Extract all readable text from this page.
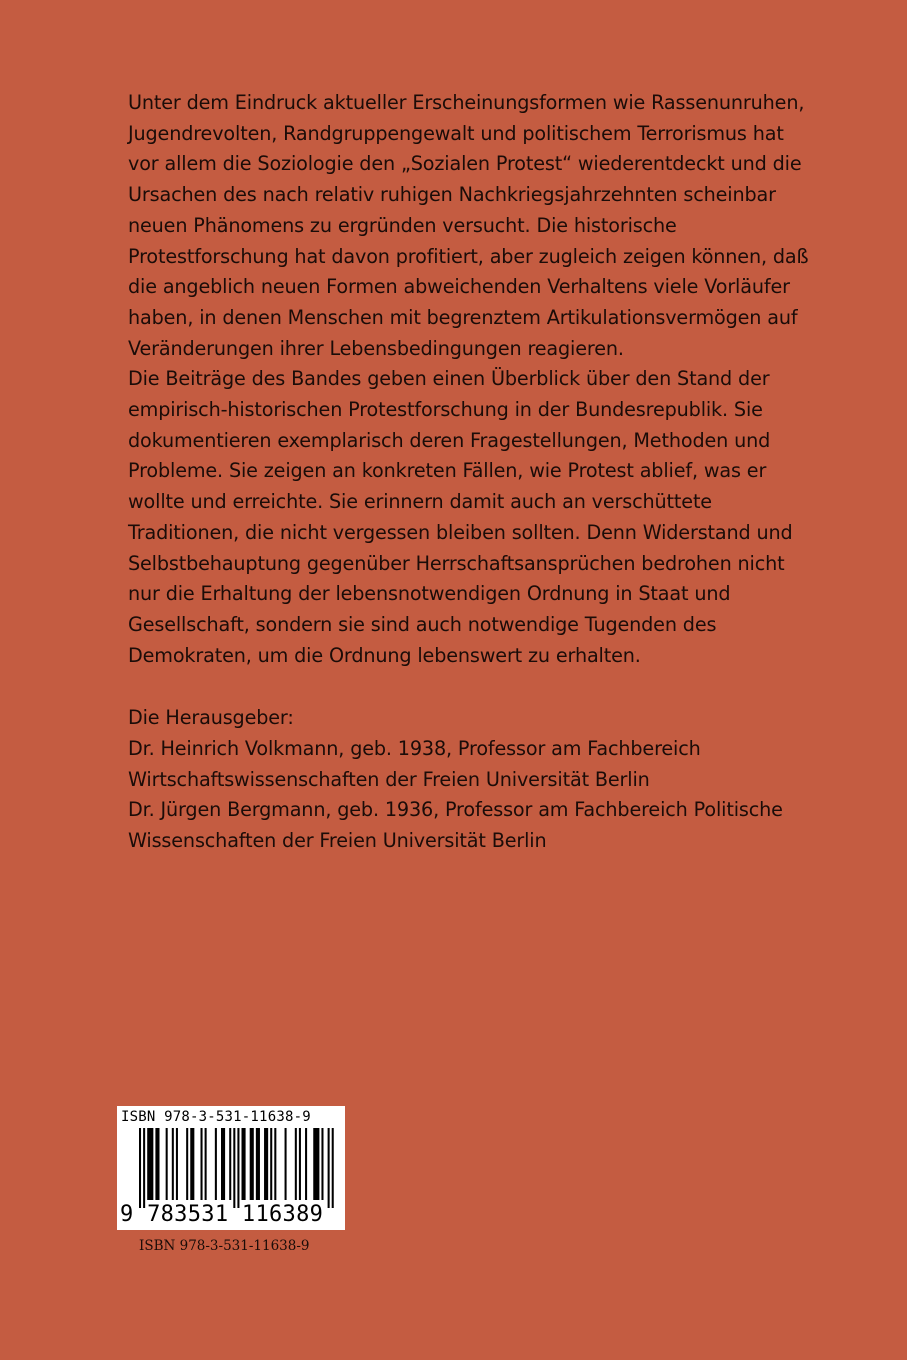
Unter dem Eindruck aktueller Erscheinungsformen wie Rassenunruhen, Jugendrevolten, Randgruppengewalt und politischem Terrorismus hat vor allem die Soziologie den „Sozialen Protest“ wiederentdeckt und die Ursachen des nach relativ ruhigen Nachkriegsjahrzehnten scheinbar neuen Phänomens zu ergründen versucht. Die historische Protestforschung hat davon profitiert, aber zugleich zeigen können, daß die angeblich neuen Formen abweichenden Verhaltens viele Vorläufer haben, in denen Menschen mit begrenztem Artikulationsvermögen auf Veränderungen ihrer Lebensbedingungen reagieren.

Die Beiträge des Bandes geben einen Überblick über den Stand der empirisch-historischen Protestforschung in der Bundesrepublik. Sie dokumentieren exemplarisch deren Fragestellungen, Methoden und Probleme. Sie zeigen an konkreten Fällen, wie Protest ablief, was er wollte und erreichte. Sie erinnern damit auch an verschüttete Traditionen, die nicht vergessen bleiben sollten. Denn Widerstand und Selbstbehauptung gegenüber Herrschaftsansprüchen bedrohen nicht nur die Erhaltung der lebensnotwendigen Ordnung in Staat und Gesellschaft, sondern sie sind auch notwendige Tugenden des Demokraten, um die Ordnung lebenswert zu erhalten.

Die Herausgeber:

Dr. Heinrich Volkmann, geb. 1938, Professor am Fachbereich Wirtschaftswissenschaften der Freien Universität Berlin

Dr. Jürgen Bergmann, geb. 1936, Professor am Fachbereich Politische Wissenschaften der Freien Universität Berlin

ISBN 978-3-531-11638-9
9 783531 116389
ISBN 978-3-531-11638-9
